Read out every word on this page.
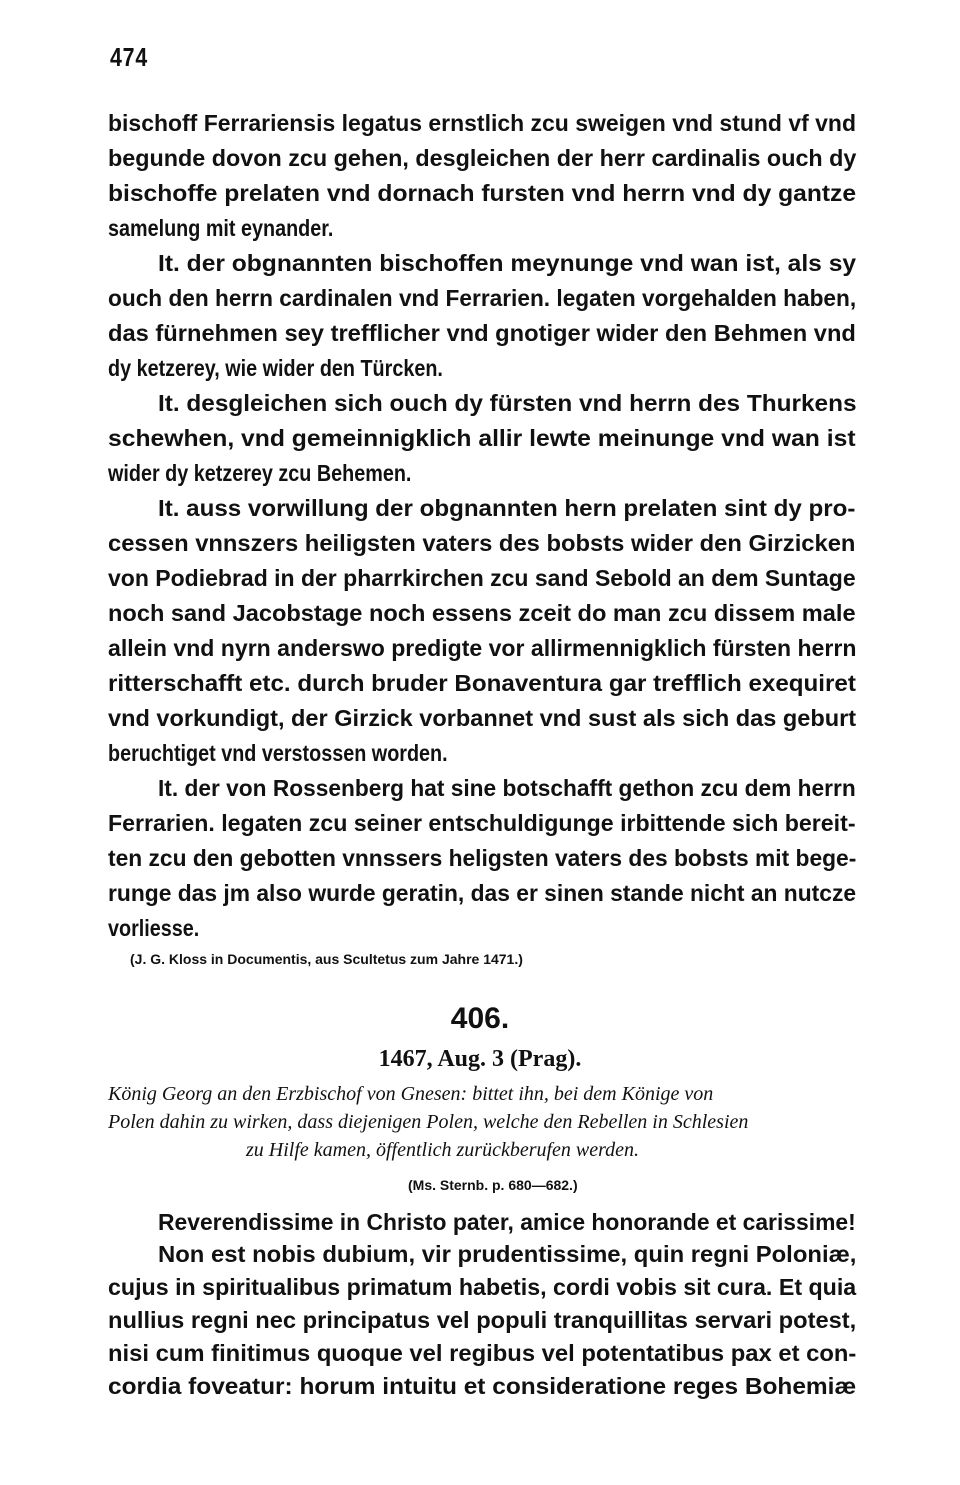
474
bischoff Ferrariensis legatus ernstlich zcu sweigen vnd stund vf vnd
begunde dovon zcu gehen, desgleichen der herr cardinalis ouch dy
bischoffe prelaten vnd dornach fursten vnd herrn vnd dy gantze
samelung mit eynander.
It. der obgnannten bischoffen meynunge vnd wan ist, als sy
ouch den herrn cardinalen vnd Ferrarien. legaten vorgehalden haben,
das fürnehmen sey trefflicher vnd gnotiger wider den Behmen vnd
dy ketzerey, wie wider den Türcken.
It. desgleichen sich ouch dy fürsten vnd herrn des Thurkens
schewhen, vnd gemeinnigklich allir lewte meinunge vnd wan ist
wider dy ketzerey zcu Behemen.
It. auss vorwillung der obgnannten hern prelaten sint dy pro-
cessen vnnszers heiligsten vaters des bobsts wider den Girzicken
von Podiebrad in der pharrkirchen zcu sand Sebold an dem Suntage
noch sand Jacobstage noch essens zceit do man zcu dissem male
allein vnd nyrn anderswo predigte vor allirmennigklich fürsten herrn
ritterschafft etc. durch bruder Bonaventura gar trefflich exequiret
vnd vorkundigt, der Girzick vorbannet vnd sust als sich das geburt
beruchtiget vnd verstossen worden.
It. der von Rossenberg hat sine botschafft gethon zcu dem herrn
Ferrarien. legaten zcu seiner entschuldigunge irbittende sich bereit-
ten zcu den gebotten vnnssers heligsten vaters des bobsts mit bege-
runge das jm also wurde geratin, das er sinen stande nicht an nutcze
vorliesse.
(J. G. Kloss in Documentis, aus Scultetus zum Jahre 1471.)
406.
1467, Aug. 3 (Prag).
König Georg an den Erzbischof von Gnesen: bittet ihn, bei dem Könige von
Polen dahin zu wirken, dass diejenigen Polen, welche den Rebellen in Schlesien
zu Hilfe kamen, öffentlich zurückberufen werden.
(Ms. Sternb. p. 680—682.)
Reverendissime in Christo pater, amice honorande et carissime!
Non est nobis dubium, vir prudentissime, quin regni Poloniæ,
cujus in spiritualibus primatum habetis, cordi vobis sit cura. Et quia
nullius regni nec principatus vel populi tranquillitas servari potest,
nisi cum finitimus quoque vel regibus vel potentatibus pax et con-
cordia foveatur: horum intuitu et consideratione reges Bohemiæ
